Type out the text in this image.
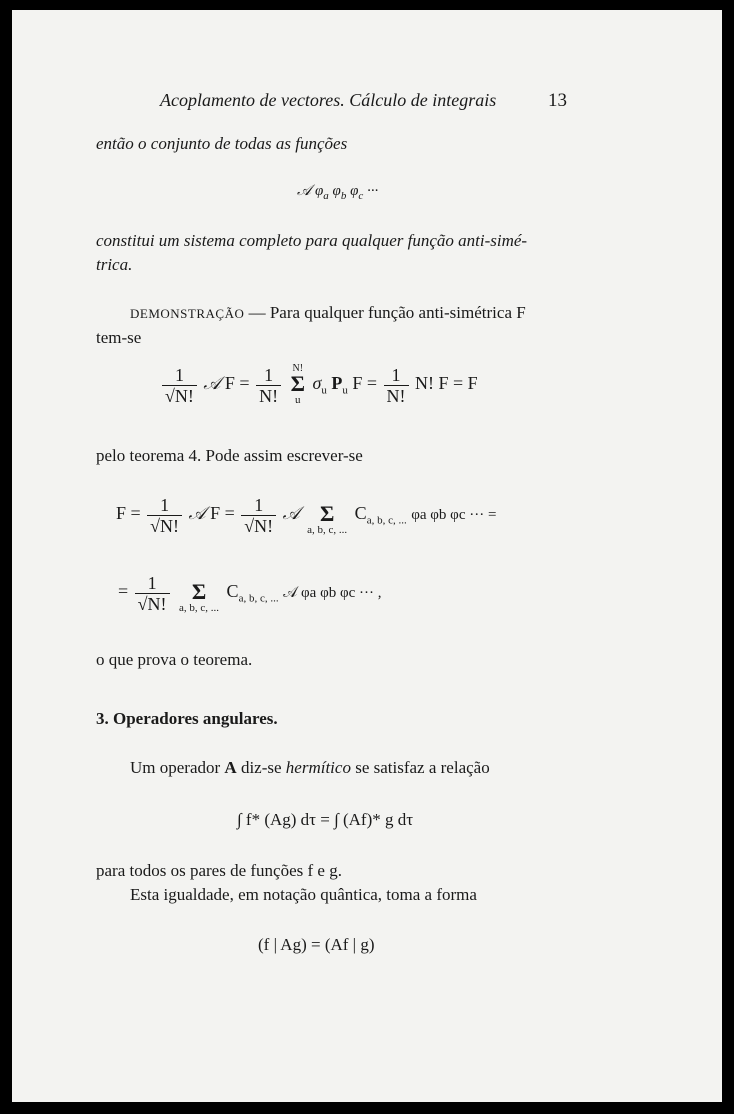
Acoplamento de vectores. Cálculo de integrais	13
então o conjunto de todas as funções
𝒜 $\varphi_a$ $\varphi_b$ $\varphi_c$ ···
constitui um sistema completo para qualquer função anti-simé-
trica.
DEMONSTRAÇÃO — Para qualquer função anti-simétrica F
tem-se
$\frac{1}{√N!}$ 𝒜 $F = \frac{1}{N!}$
N!
Σ
u
$\sigma_u$ $P_u$ $F = \frac{1}{N!} N$! F = F
pelo teorema 4. Pode assim escrever-se
$F = \frac{1}{√N!}$ 𝒜 $F = \frac{1}{√N!}$ 𝒜
Σ
a, b, c, ...
$C_{a, b, c, ...}$ φa φb φc ··· =
= $\frac{1}{√N!}$

	Σ
a, b, c, ...
$C_{a, b, c, ...}$ 𝒜 φa φb φc ··· ,
o que prova o teorema.
3. Operadores angulares.
Um operador A diz-se hermítico se satisfaz a relação
∫ f* (Ag) dτ = ∫ (Af)* g dτ
para todos os pares de funções f e g.
Esta igualdade, em notação quântica, toma a forma
(f | Ag) = (Af | g)
